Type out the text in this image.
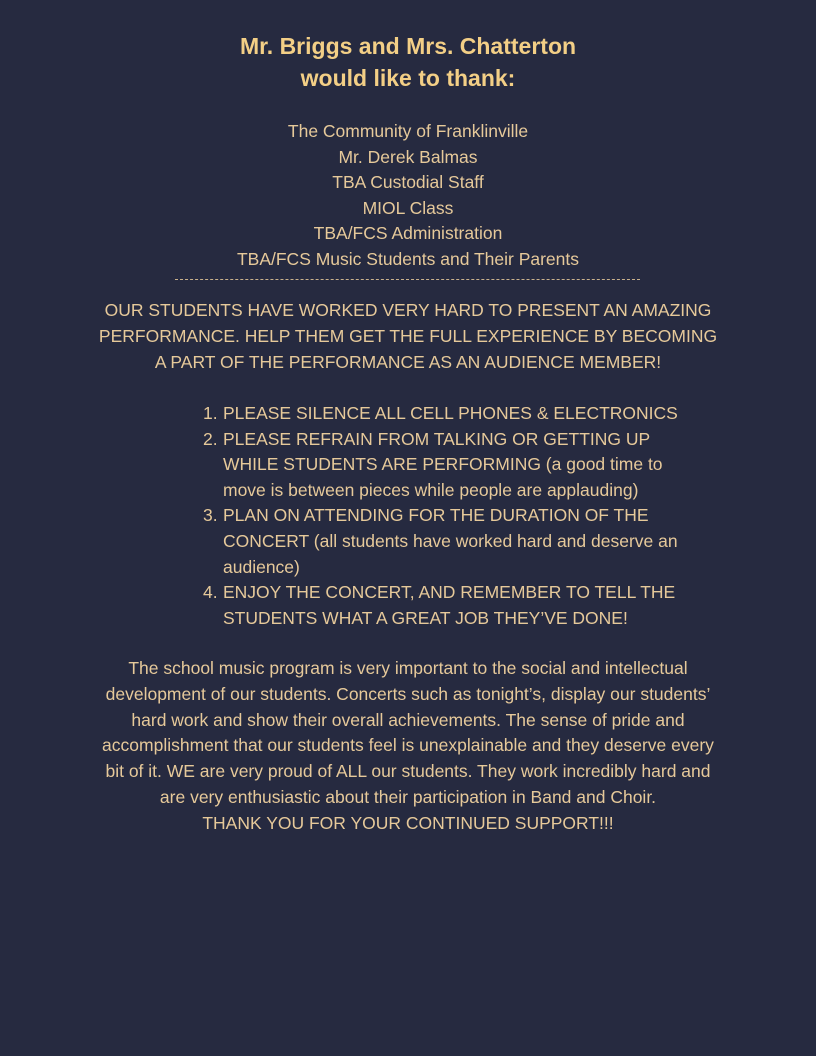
Mr. Briggs and Mrs. Chatterton
would like to thank:
The Community of Franklinville
Mr. Derek Balmas
TBA Custodial Staff
MIOL Class
TBA/FCS Administration
TBA/FCS Music Students and Their Parents
OUR STUDENTS HAVE WORKED VERY HARD TO PRESENT AN AMAZING PERFORMANCE. HELP THEM GET THE FULL EXPERIENCE BY BECOMING A PART OF THE PERFORMANCE AS AN AUDIENCE MEMBER!
1. PLEASE SILENCE ALL CELL PHONES & ELECTRONICS
2. PLEASE REFRAIN FROM TALKING OR GETTING UP WHILE STUDENTS ARE PERFORMING (a good time to move is between pieces while people are applauding)
3. PLAN ON ATTENDING FOR THE DURATION OF THE CONCERT (all students have worked hard and deserve an audience)
4. ENJOY THE CONCERT, AND REMEMBER TO TELL THE STUDENTS WHAT A GREAT JOB THEY’VE DONE!

The school music program is very important to the social and intellectual development of our students. Concerts such as tonight’s, display our students’ hard work and show their overall achievements. The sense of pride and accomplishment that our students feel is unexplainable and they deserve every bit of it. WE are very proud of ALL our students. They work incredibly hard and are very enthusiastic about their participation in Band and Choir.

THANK YOU FOR YOUR CONTINUED SUPPORT!!!
